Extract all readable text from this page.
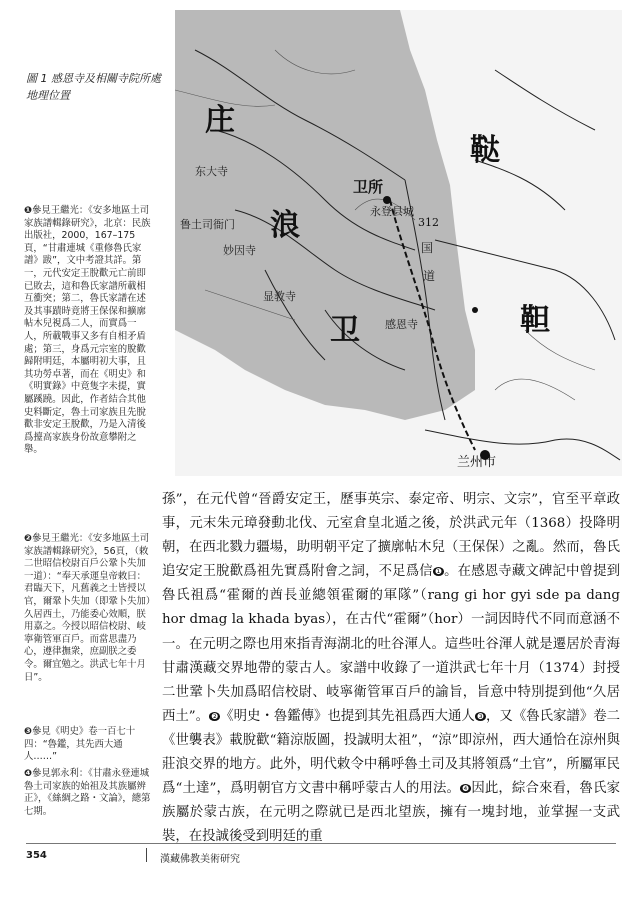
庄
浪
卫
鞑
靼
卫所
永登县城
312
兰州市
东大寺
鲁土司衙门
妙因寺
显教寺
感恩寺
国
道
圖 1 感恩寺及相關寺院所處地理位置
❶參見王繼光：《安多地區土司家族譜輯錄研究》，北京：民族出版社，2000，167–175頁，“甘肅連城《重修魯氏家譜》跋”，文中考證其詳。第一，元代安定王脫歡元亡前即已敗去，這和魯氏家譜所載相互衝突；第二，魯氏家譜在述及其事蹟時竟將王保保和擴廓帖木兒視爲二人，而實爲一人，所載戰事又多有自相矛盾處；第三，身爲元宗室的脫歡歸附明廷，本屬明初大事，且其功勞卓著，而在《明史》和《明實錄》中竟隻字未提，實屬蹊蹺。因此，作者結合其他史料斷定，魯土司家族且先脫歡非安定王脫歡，乃是入清後爲擡高家族身份故意攀附之舉。
❷參見王繼光：《安多地區土司家族譜輯錄研究》，56頁，（敕二世昭信校尉百戶公鞏卜失加一道）：“奉天承運皇帝敕曰：君臨天下，凡舊義之士皆授以官，爾鞏卜失加（即鞏卜失加）久居西土，乃能委心效順，朕用嘉之。今授以昭信校尉、岐寧衛管軍百戶。而當思盡乃心，遵律撫衆，庶副朕之委令。爾宜勉之。洪武七年十月日”。
❸參見《明史》卷一百七十四：“魯鑑，其先西大通人……”
❹參見郭永利：《甘肅永登連城魯土司家族的始祖及其族屬辨正》，《絲綢之路・文論》，總第七期。

孫”，在元代曾“晉爵安定王，歷事英宗、泰定帝、明宗、文宗”，官至平章政事，元末朱元璋發動北伐、元室倉皇北遁之後，於洪武元年（1368）投降明朝，在西北戮力疆場，助明朝平定了擴廓帖木兒（王保保）之亂。然而，魯氏追安定王脫歡爲祖先實爲附會之詞，不足爲信 $^❶$ 。在感恩寺藏文碑記中曾提到魯氏祖爲“霍爾的酋長並總領霍爾的軍隊”（rang gi hor gyi sde pa dang hor dmag la khada byas），在古代“霍爾”（hor）一詞因時代不同而意涵不一。在元明之際也用來指青海湖北的吐谷渾人。這些吐谷渾人就是遷居於青海甘肅漢藏交界地帶的蒙古人。家譜中收錄了一道洪武七年十月（1374）封授二世鞏卜失加爲昭信校尉、岐寧衛管軍百戶的諭旨，旨意中特別提到他“久居西土”。 $^❷$ 《明史・魯鑑傳》也提到其先祖爲西大通人 $^❸$ ，又《魯氏家譜》卷二《世襲表》載脫歡“籍涼版圖，投誠明太祖”，“涼”即涼州，西大通恰在涼州與莊浪交界的地方。此外，明代敕令中稱呼魯土司及其將領爲“土官”，所屬軍民爲“土達”，爲明朝官方文書中稱呼蒙古人的用法。 $^❹$ 因此，綜合來看，魯氏家族屬於蒙古族，在元明之際就已是西北望族，擁有一塊封地，並掌握一支武裝，在投誠後受到明廷的重

354	漢藏佛教美術研究
